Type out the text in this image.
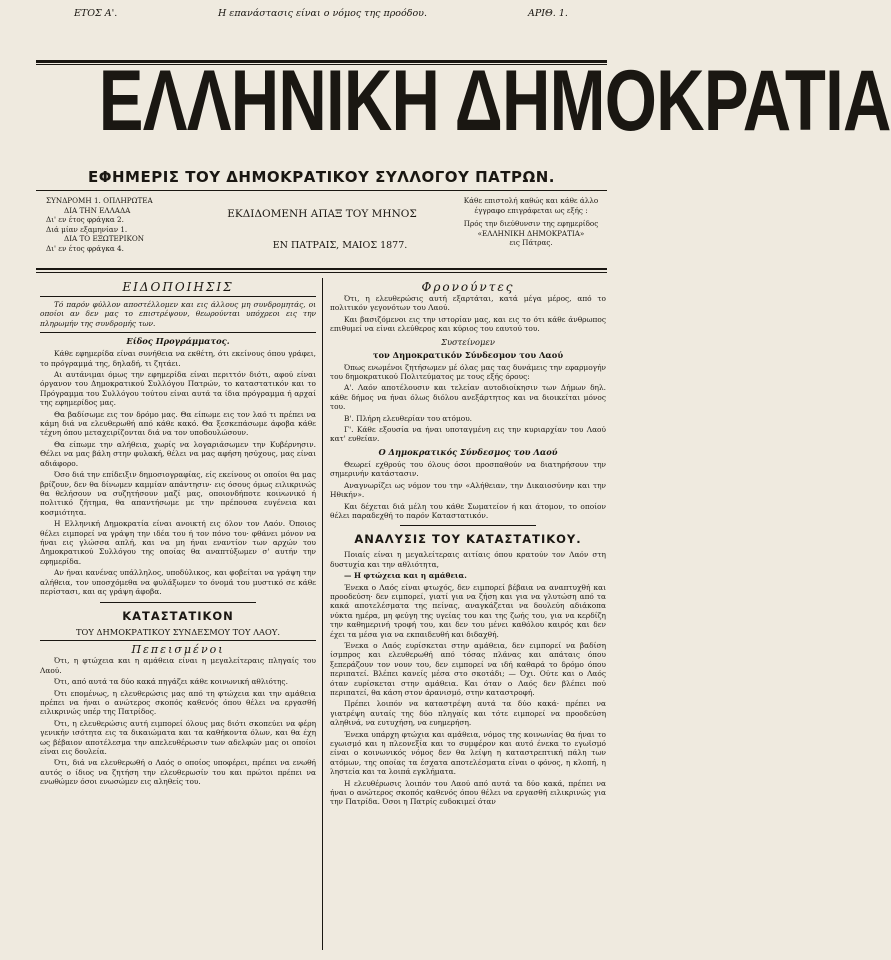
ΕΤΟΣ Α'.	Η επανάστασις είναι ο νόμος της προόδου.	ΑΡΙΘ. 1.
ΕΛΛΗΝΙΚΗ ΔΗΜΟΚΡΑΤΙΑ
ΕΦΗΜΕΡΙΣ ΤΟΥ ΔΗΜΟΚΡΑΤΙΚΟΥ ΣΥΛΛΟΓΟΥ ΠΑΤΡΩΝ.
ΣΥΝΔΡΟΜΗ 1. ΟΠΛΗΡΩΤΕΑ
ΔΙΑ ΤΗΝ ΕΛΛΑΔΑ
Δι' εν έτος φράγκα 2.
Διά μίαν εξαμηνίαν 1.
ΔΙΑ ΤΟ ΕΞΩΤΕΡΙΚΟΝ
Δι' εν έτος φράγκα 4.
ΕΚΔΙΔΟΜΕΝΗ ΑΠΑΞ ΤΟΥ ΜΗΝΟΣ
ΕΝ ΠΑΤΡΑΙΣ, ΜΑΙΟΣ 1877.
Κάθε επιστολή καθώς και κάθε άλλο
έγγραφο επιγράφεται ως εξής :
Πρός την διεύθυνσιν της εφημερίδος
«ΕΛΛΗΝΙΚΗ ΔΗΜΟΚΡΑΤΙΑ»
εις Πάτρας.
ΕΙΔΟΠΟΙΗΣΙΣ

Τό παρόν φύλλον αποστέλλομεν και εις άλλους μη συνδρομητάς, οι οποίοι αν δεν μας το επιστρέψουν, θεωρούνται υπόχρεοι εις την πληρωμήν της συνδρομής των.

Είδος Προγράμματος.

Κάθε εφημερίδα είναι συνήθεια να εκθέτη, ότι εκείνους όπου γράφει, το πρόγραμμά της, δηλαδή, τι ζητάει.

Αι αυτάνιμαι όμως την εφημερίδα είναι περιττόν διότι, αφού είναι όργανον του Δημοκρατικού Συλλόγου Πατρών, το καταστατικόν και το Πρόγραμμα του Συλλόγου τούτου είναι αυτά τα ίδια πρόγραμμα ή αρχαί της εφημερίδος μας.

Θα βαδίσωμε εις τον δρόμο μας. Θα είπωμε εις τον λαό τι πρέπει να κάμη διά να ελευθερωθή από κάθε κακό. Θα ξεσκεπάσωμε άφοβα κάθε τέχνη όπου μεταχειρίζονται διά να τον υποδουλώσουν.

Θα είπωμε την αλήθεια, χωρίς να λογαριάσωμεν την Κυβέρνησιν. Θέλει να μας βάλη στην φυλακή, θέλει να μας αφήση ησύχους, μας είναι αδιάφορο.

Όσο διά την επίδειξιν δημοσιογραφίας, είς εκείνους οι οποίοι θα μας βρίζουν, δεν θα δίνωμεν καμμίαν απάντησιν· εις όσους όμως ειλικρινώς θα θελήσουν να συζητήσουν μαζί μας, οποιονδήποτε κοινωνικό ή πολιτικό ζήτημα, θα απαντήσωμε με την πρέπουσα ευγένεια και κοσμιότητα.

Η Ελληνική Δημοκρατία είναι ανοικτή εις όλον τον Λαόν. Όποιος θέλει ειμπορεί να γράψη την ιδέα του ή τον πόνο του· φθάνει μόνον να ήναι εις γλώσσα απλή, και να μη ήναι εναντίον των αρχών του Δημοκρατικού Συλλόγου της οποίας θα αναπτύξωμεν σ' αυτήν την εφημερίδα.

Αν ήναι κανένας υπάλληλος, υποδύλικος, και φοβείται να γράψη την αλήθεια, τον υποσχόμεθα να φυλάξωμεν το όνομά του μυστικό σε κάθε περίστασι, και ας γράψη άφοβα.

ΚΑΤΑΣΤΑΤΙΚΟΝ
ΤΟΥ ΔΗΜΟΚΡΑΤΙΚΟΥ ΣΥΝΔΕΣΜΟΥ ΤΟΥ ΛΑΟΥ.
Πεπεισμένοι

Ότι, η φτώχεια και η αμάθεια είναι η μεγαλείτεραις πληγαίς του Λαού.

Ότι, από αυτά τα δύο κακά πηγάζει κάθε κοινωνική αθλιότης.

Ότι επομένως, η ελευθερώσις μας από τη φτώχεια και την αμάθεια πρέπει να ήναι ο ανώτερος σκοπός καθενός όπου θέλει να εργασθή ειλικρινώς υπέρ της Πατρίδος.

Ότι, η ελευθερώσις αυτή ειμπορεί όλους μας διότι σκοπεύει να φέρη γενικήν ισότητα εις τα δικαιώματα και τα καθήκοντα όλων, και θα έχη ως βέβαιον αποτέλεσμα την απελευθέρωσιν των αδελφών μας οι οποίοι είναι εις δουλεία.

Ότι, διά να ελευθερωθή ο Λαός ο οποίος υποφέρει, πρέπει να ενωθή αυτός ο ίδιος να ζητήση την ελευθερωσίν του και πρώτοι πρέπει να ενωθώμεν όσοι ενωσώμεν εις αληθείς του.

Φρονούντες

Ότι, η ελευθερώσις αυτή εξαρτάται, κατά μέγα μέρος, από το πολιτικόν γεγονότων του Λαού.

Και βασιζόμενοι εις την ιστορίαν μας, και εις το ότι κάθε άνθρωπος επιθυμεί να είναι ελεύθερος και κύριος του εαυτού του.

Συστείνομεν
τον Δημοκρατικόν Σύνδεσμον του Λαού

Όπως ενωμένοι ζητήσωμεν μέ όλας μας τας δυνάμεις την εφαρμογήν του δημοκρατικού Πολιτεύματος με τους εξής όρους:

Α'. Λαόν αποτέλουσιν και τελείαν αυτοδιοίκησιν των Δήμων δηλ. κάθε δήμος να ήναι όλως διόλου ανεξάρτητος και να διοικείται μόνος του.

Β'. Πλήρη ελευθερίαν του ατόμου.

Γ'. Κάθε εξουσία να ήναι υποταγμένη εις την κυριαρχίαν του Λαού κατ' ευθείαν.

Ο Δημοκρατικός Σύνδεσμος του Λαού

Θεωρεί εχθρούς του όλους όσοι προσπαθούν να διατηρήσουν την σημερινήν κατάστασιν.

Αναγνωρίζει ως νόμον του την «Αλήθειαν, την Δικαιοσύνην και την Ηθικήν».

Και δέχεται διά μέλη του κάθε Σωματείον ή και άτομον, το οποίον θέλει παραδεχθή το παρόν Καταστατικόν.

ΑΝΑΛΥΣΙΣ ΤΟΥ ΚΑΤΑΣΤΑΤΙΚΟΥ.

Ποιαίς είναι η μεγαλείτεραις αιτίαις όπου κρατούν τον Λαόν στη δυστυχία και την αθλιότητα,

— Η φτώχεια και η αμάθεια.

Ένεκα ο Λαός είναι φτωχός, δεν ειμπορεί βέβαια να αναπτυχθή και προοδεύση· δεν ειμπορεί, γιατί για να ζήση και για να γλυτώση από τα κακά αποτελέσματα της πείνας, αναγκάζεται να δουλεύη αδιάκοπα νύκτα ημέρα, μη φεύγη της υγείας του και της ζωής του, για να κερδίζη την καθημερινή τροφή του, και δεν του μένει καθόλου καιρός και δεν έχει τα μέσα για να εκπαιδευθή και διδαχθή.

Ένεκα ο Λαός ευρίσκεται στην αμάθεια, δεν ειμπορεί να βαδίση ίσμπρος και ελευθερωθή από τόσας πλάνας και απάταις όπου ξεπεράζουν τον νουν του, δεν ειμπορεί να ιδή καθαρά το δρόμο όπου περιπατεί. Βλέπει κανείς μέσα στο σκοτάδι; — Όχι. Ούτε και ο Λαός όταν ευρίσκεται στην αμάθεια. Και όταν ο Λαός δεν βλέπει πού περιπατεί, θα κάση στον άρανισμό, στην καταστροφή.

Πρέπει λοιπόν να καταστρέψη αυτά τα δύο κακά· πρέπει να γιατρέψη αυταίς της δύο πληγαίς και τότε ειμπορεί να προοδεύση αληθινά, να ευτυχήση, να ευημερήση.

Ένεκα υπάρχη φτώχια και αμάθεια, νόμος της κοινωνίας θα ήναι το εγωισμό και η πλεονεξία και το συμφέρον και αυτό ένεκα το εγωϊσμό είναι ο κοινωνικός νόμος δεν θα λείψη η καταστρεπτική πάλη των ατόμων, της οποίας τα έσχατα αποτελέσματα είναι ο φόνος, η κλοπή, η ληστεία και τα λοιπά εγκλήματα.

Η ελευθέρωσις λοιπόν του Λαού από αυτά τα δύο κακά, πρέπει να ήναι ο ανώτερος σκοπός καθενός όπου θέλει να εργασθή ειλικρινώς για την Πατρίδα. Όσοι η Πατρίς ευδοκιμεί όταν
